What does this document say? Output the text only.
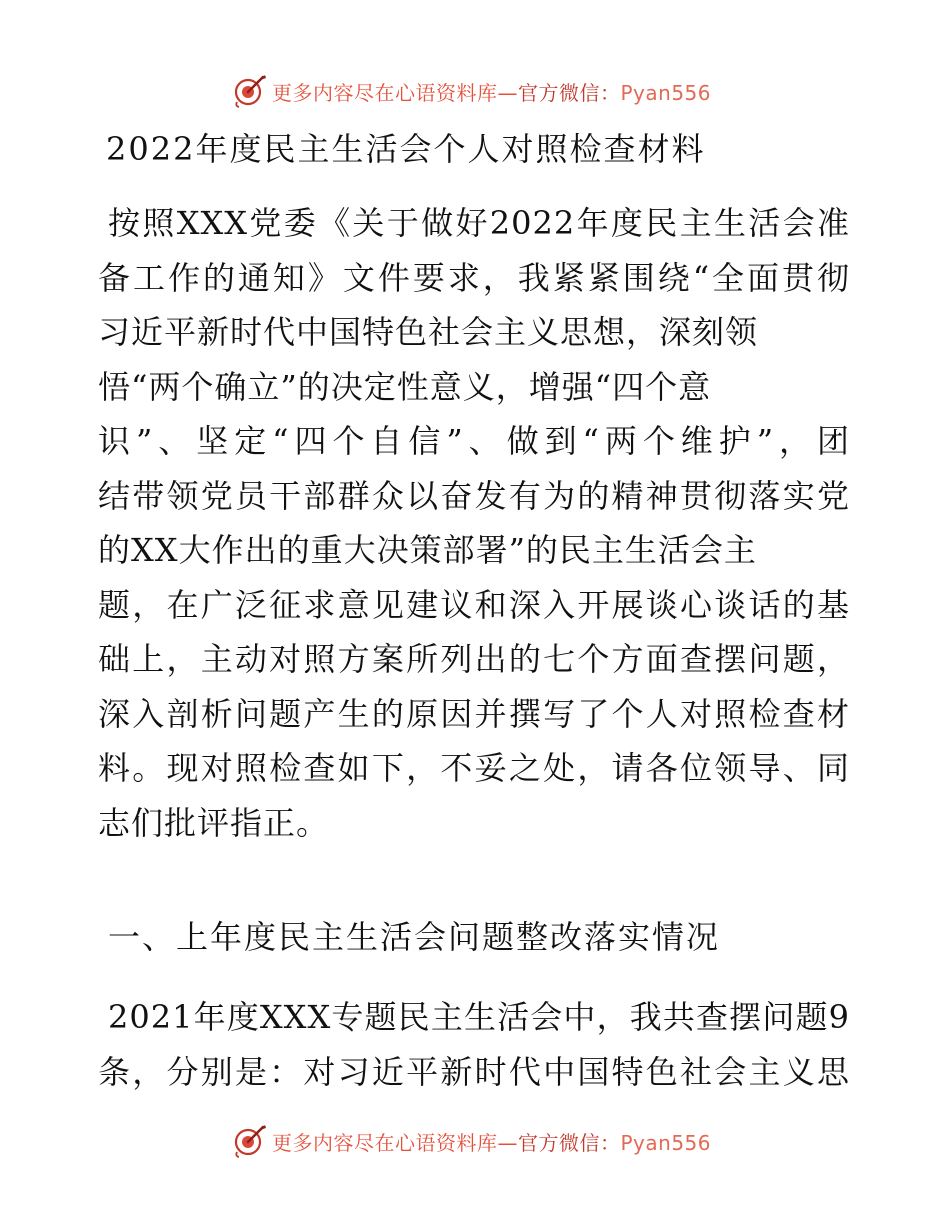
更多内容尽在心语资料库—官方微信：Pyan556
2022年度民主生活会个人对照检查材料
按照XXX党委《关于做好2022年度民主生活会准
备工作的通知》文件要求，我紧紧围绕“全面贯彻
习近平新时代中国特色社会主义思想，深刻领
悟“两个确立”的决定性意义，增强“四个意
识”、坚定“四个自信”、做到“两个维护”，团
结带领党员干部群众以奋发有为的精神贯彻落实党
的XX大作出的重大决策部署”的民主生活会主
题，在广泛征求意见建议和深入开展谈心谈话的基
础上，主动对照方案所列出的七个方面查摆问题，
深入剖析问题产生的原因并撰写了个人对照检查材
料。现对照检查如下，不妥之处，请各位领导、同
志们批评指正。
一、上年度民主生活会问题整改落实情况
2021年度XXX专题民主生活会中，我共查摆问题9
条，分别是：对习近平新时代中国特色社会主义思
更多内容尽在心语资料库—官方微信：Pyan556
